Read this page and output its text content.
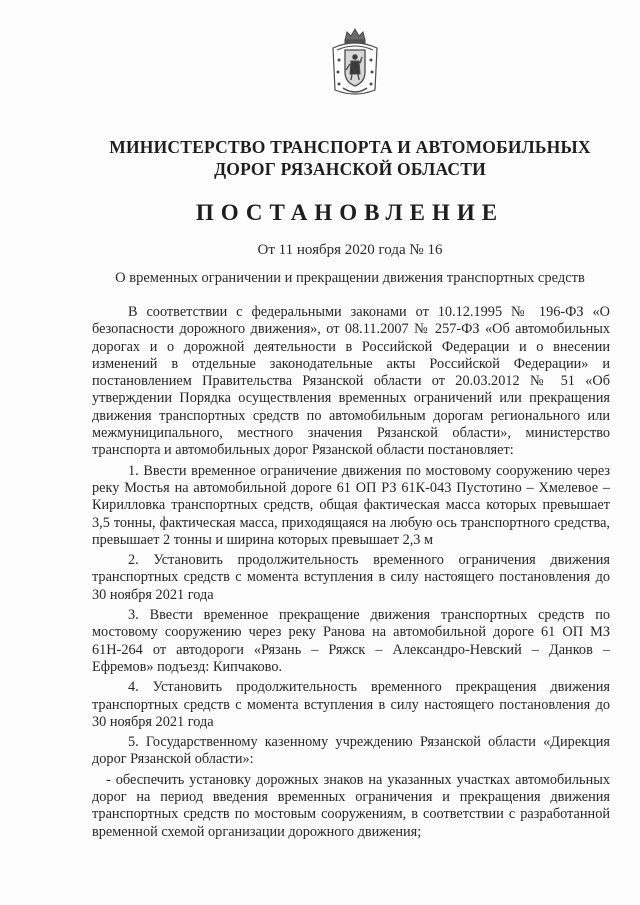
МИНИСТЕРСТВО ТРАНСПОРТА И АВТОМОБИЛЬНЫХ
ДОРОГ РЯЗАНСКОЙ ОБЛАСТИ
ПОСТАНОВЛЕНИЕ
От 11 ноября 2020 года № 16
О временных ограничении и прекращении движения транспортных средств

В соответствии с федеральными законами от 10.12.1995 № 196-ФЗ «О безопасности дорожного движения», от 08.11.2007 № 257-ФЗ «Об автомобильных дорогах и о дорожной деятельности в Российской Федерации и о внесении изменений в отдельные законодательные акты Российской Федерации» и постановлением Правительства Рязанской области от 20.03.2012 № 51 «Об утверждении Порядка осуществления временных ограничений или прекращения движения транспортных средств по автомобильным дорогам регионального или межмуниципального, местного значения Рязанской области», министерство транспорта и автомобильных дорог Рязанской области постановляет:

1. Ввести временное ограничение движения по мостовому сооружению через реку Мостья на автомобильной дороге 61 ОП РЗ 61К-043 Пустотино – Хмелевое – Кирилловка транспортных средств, общая фактическая масса которых превышает 3,5 тонны, фактическая масса, приходящаяся на любую ось транспортного средства, превышает 2 тонны и ширина которых превышает 2,3 м

2. Установить продолжительность временного ограничения движения транспортных средств с момента вступления в силу настоящего постановления до 30 ноября 2021 года

3. Ввести временное прекращение движения транспортных средств по мостовому сооружению через реку Ранова на автомобильной дороге 61 ОП МЗ 61Н-264 от автодороги «Рязань – Ряжск – Александро-Невский – Данков – Ефремов» подъезд: Кипчаково.

4. Установить продолжительность временного прекращения движения транспортных средств с момента вступления в силу настоящего постановления до 30 ноября 2021 года

5. Государственному казенному учреждению Рязанской области «Дирекция дорог Рязанской области»:

- обеспечить установку дорожных знаков на указанных участках автомобильных дорог на период введения временных ограничения и прекращения движения транспортных средств по мостовым сооружениям, в соответствии с разработанной временной схемой организации дорожного движения;
